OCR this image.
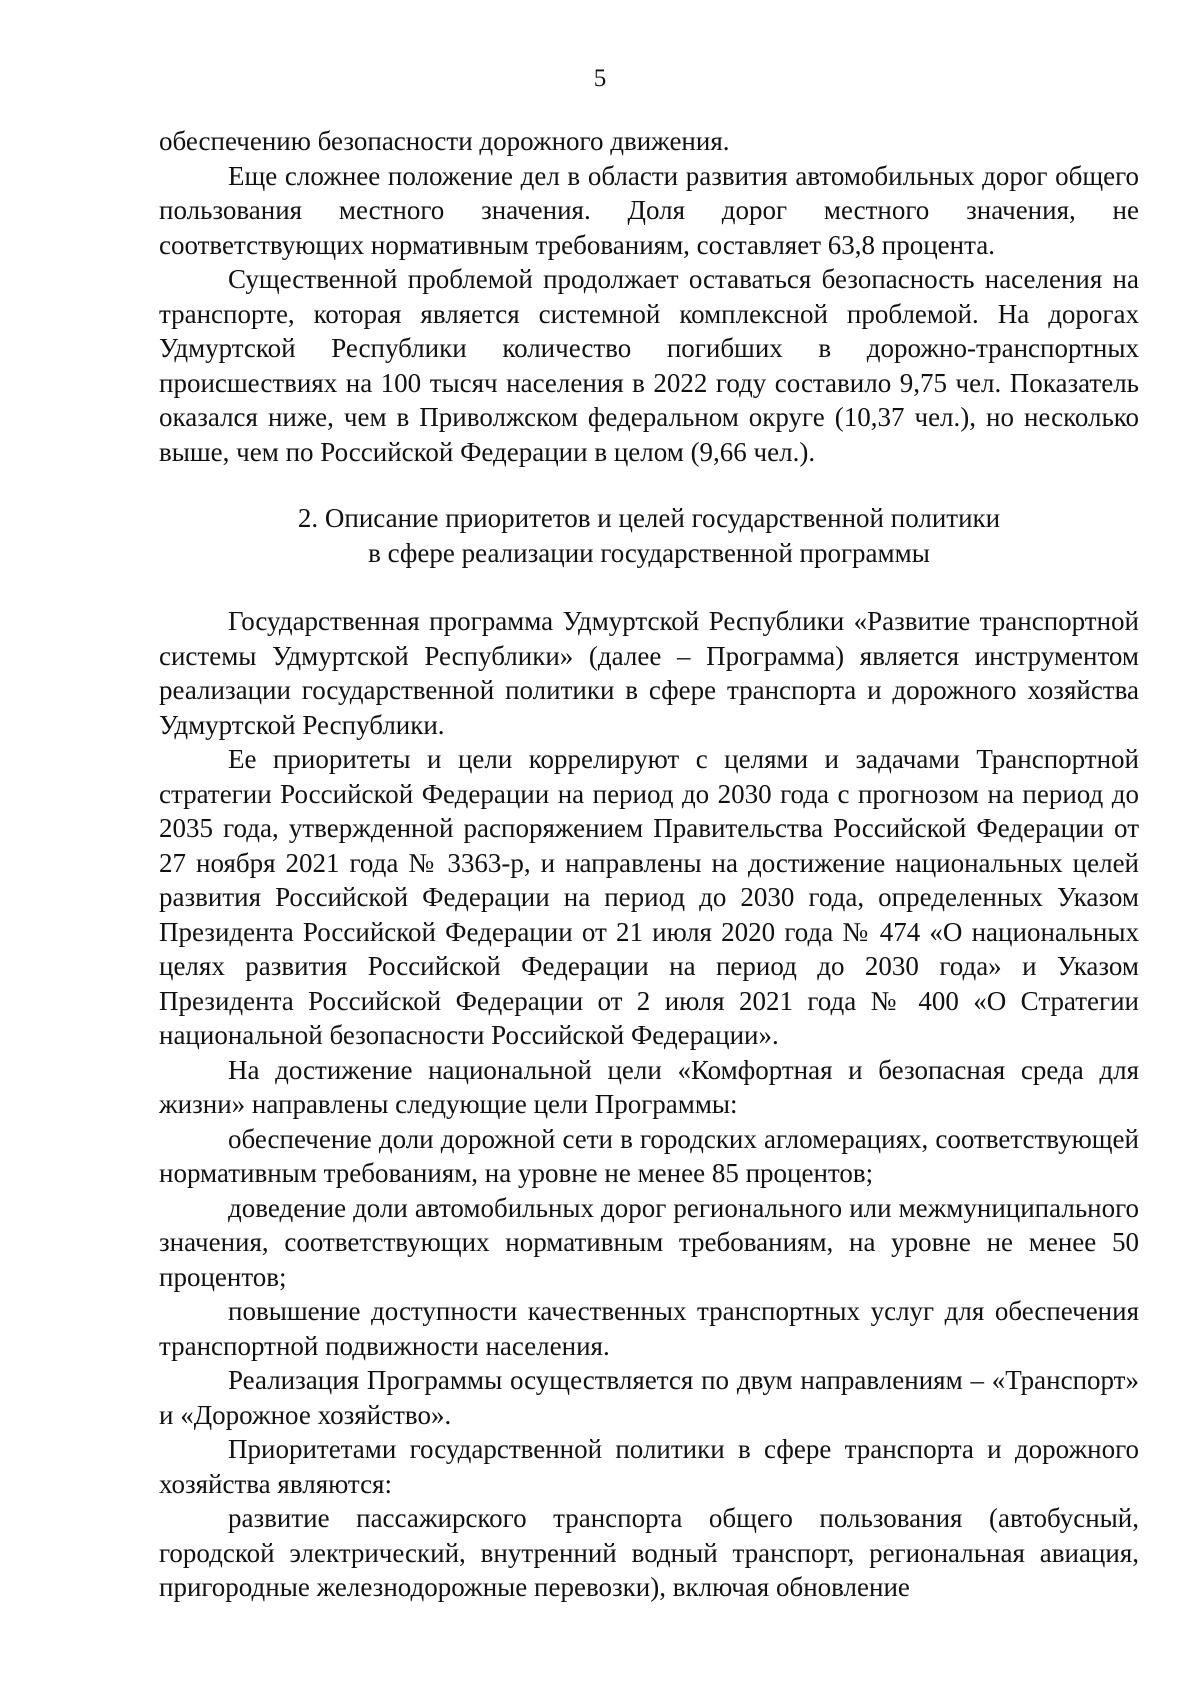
5

обеспечению безопасности дорожного движения.

Еще сложнее положение дел в области развития автомобильных дорог общего пользования местного значения. Доля дорог местного значения, не соответствующих нормативным требованиям, составляет 63,8 процента.

Существенной проблемой продолжает оставаться безопасность населения на транспорте, которая является системной комплексной проблемой. На дорогах Удмуртской Республики количество погибших в дорожно-транспортных происшествиях на 100 тысяч населения в 2022 году составило 9,75 чел. Показатель оказался ниже, чем в Приволжском федеральном округе (10,37 чел.), но несколько выше, чем по Российской Федерации в целом (9,66 чел.).

2. Описание приоритетов и целей государственной политики
в сфере реализации государственной программы

Государственная программа Удмуртской Республики «Развитие транспортной системы Удмуртской Республики» (далее – Программа) является инструментом реализации государственной политики в сфере транспорта и дорожного хозяйства Удмуртской Республики.

Ее приоритеты и цели коррелируют с целями и задачами Транспортной стратегии Российской Федерации на период до 2030 года с прогнозом на период до 2035 года, утвержденной распоряжением Правительства Российской Федерации от 27 ноября 2021 года № 3363-р, и направлены на достижение национальных целей развития Российской Федерации на период до 2030 года, определенных Указом Президента Российской Федерации от 21 июля 2020 года № 474 «О национальных целях развития Российской Федерации на период до 2030 года» и Указом Президента Российской Федерации от 2 июля 2021 года № 400 «О Стратегии национальной безопасности Российской Федерации».

На достижение национальной цели «Комфортная и безопасная среда для жизни» направлены следующие цели Программы:

обеспечение доли дорожной сети в городских агломерациях, соответствующей нормативным требованиям, на уровне не менее 85 процентов;

доведение доли автомобильных дорог регионального или межмуниципального значения, соответствующих нормативным требованиям, на уровне не менее 50 процентов;

повышение доступности качественных транспортных услуг для обеспечения транспортной подвижности населения.

Реализация Программы осуществляется по двум направлениям – «Транспорт» и «Дорожное хозяйство».

Приоритетами государственной политики в сфере транспорта и дорожного хозяйства являются:

развитие пассажирского транспорта общего пользования (автобусный, городской электрический, внутренний водный транспорт, региональная авиация, пригородные железнодорожные перевозки), включая обновление
